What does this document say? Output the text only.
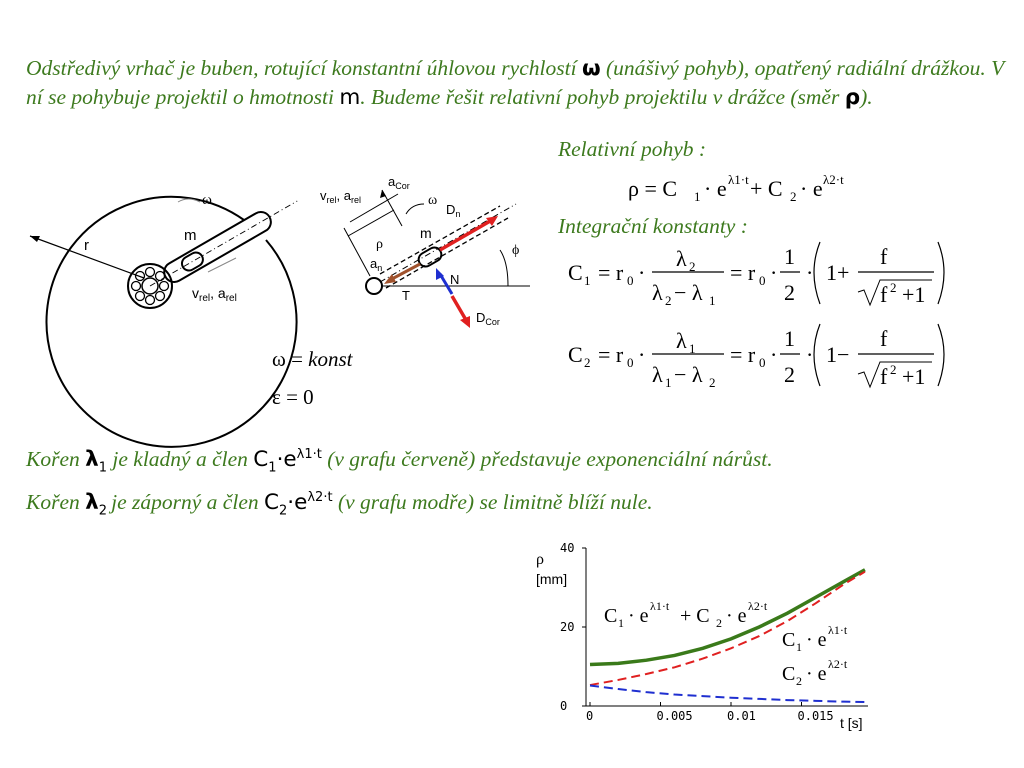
Odstředivý vrhač je buben, rotující konstantní úhlovou rychlostí ω (unášivý pohyb), opatřený radiální drážkou. V ní se pohybuje projektil o hmotnosti m. Budeme řešit relativní pohyb projektilu v drážce (směr ρ).
Relativní pohyb :
Integrační konstanty :
ρ = C 1 · e λ1·t + C 2 · e λ2·t
C 1 = r 0 ·
λ 2
λ 2 − λ 1
= r 0 ·
1
2
· 1+
f
f 2 +1
C 2 = r 0 ·
λ 1
λ 1 − λ 2
= r 0 ·
1
2
· 1−
f
f 2 +1
r
m
ω
$v_{rel}$, $a_{rel}$
ρ
$v_{rel}$, $a_{rel}$
$a_{Cor}$
ω
$D_n$
m
ϕ
$a_n$
N
$D_{Cor}$
T
ω = konst
ε = 0
Kořen $\lambda_1$ je kladný a člen $C_1\cdot e^{\lambda 1\cdot t}$ (v grafu červeně) představuje exponenciální nárůst.
Kořen $\lambda_2$ je záporný a člen $C_2\cdot e^{\lambda 2\cdot t}$ (v grafu modře) se limitně blíží nule.
ρ
[mm]
t [s]
0	0.005	0.01	0.015
0
20
40
C 1 · e λ1·t + C 2 · e λ2·t
C 1 · e λ1·t
C 2 · e λ2·t
